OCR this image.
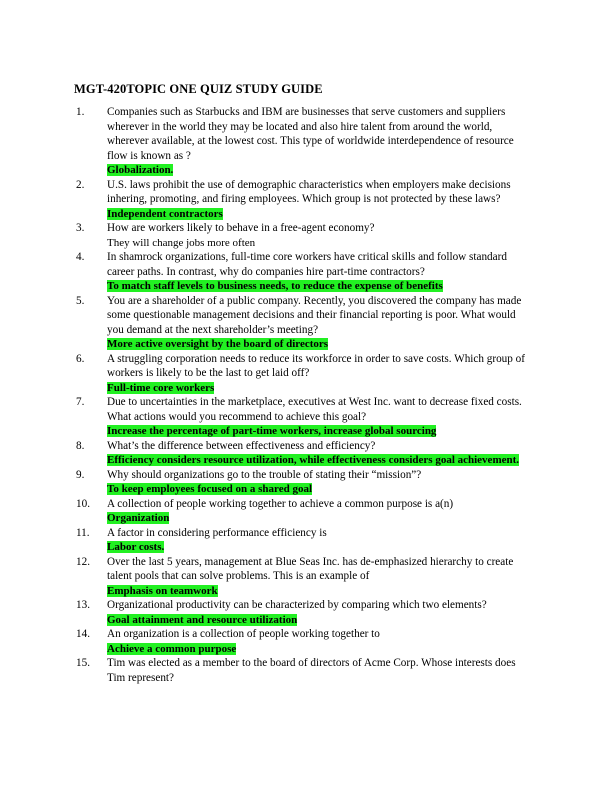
MGT-420TOPIC ONE QUIZ STUDY GUIDE
1.	Companies such as Starbucks and IBM are businesses that serve customers and suppliers wherever in the world they may be located and also hire talent from around the world, wherever available, at the lowest cost. This type of worldwide interdependence of resource flow is known as ?
Globalization.
2.	U.S. laws prohibit the use of demographic characteristics when employers make decisions inhering, promoting, and firing employees. Which group is not protected by these laws?
Independent contractors
3.	How are workers likely to behave in a free-agent economy?
They will change jobs more often
4.	In shamrock organizations, full-time core workers have critical skills and follow standard career paths. In contrast, why do companies hire part-time contractors?
To match staff levels to business needs, to reduce the expense of benefits
5.	You are a shareholder of a public company. Recently, you discovered the company has made some questionable management decisions and their financial reporting is poor. What would you demand at the next shareholder’s meeting?
More active oversight by the board of directors
6.	A struggling corporation needs to reduce its workforce in order to save costs. Which group of workers is likely to be the last to get laid off?
Full-time core workers
7.	Due to uncertainties in the marketplace, executives at West Inc. want to decrease fixed costs. What actions would you recommend to achieve this goal?
Increase the percentage of part-time workers, increase global sourcing
8.	What’s the difference between effectiveness and efficiency?
Efficiency considers resource utilization, while effectiveness considers goal achievement.
9.	Why should organizations go to the trouble of stating their “mission”?
To keep employees focused on a shared goal
10.	A collection of people working together to achieve a common purpose is a(n)
Organization
11.	A factor in considering performance efficiency is
Labor costs.
12.	Over the last 5 years, management at Blue Seas Inc. has de-emphasized hierarchy to create talent pools that can solve problems. This is an example of
Emphasis on teamwork
13.	Organizational productivity can be characterized by comparing which two elements?
Goal attainment and resource utilization
14.	An organization is a collection of people working together to
Achieve a common purpose
15.	Tim was elected as a member to the board of directors of Acme Corp. Whose interests does Tim represent?
